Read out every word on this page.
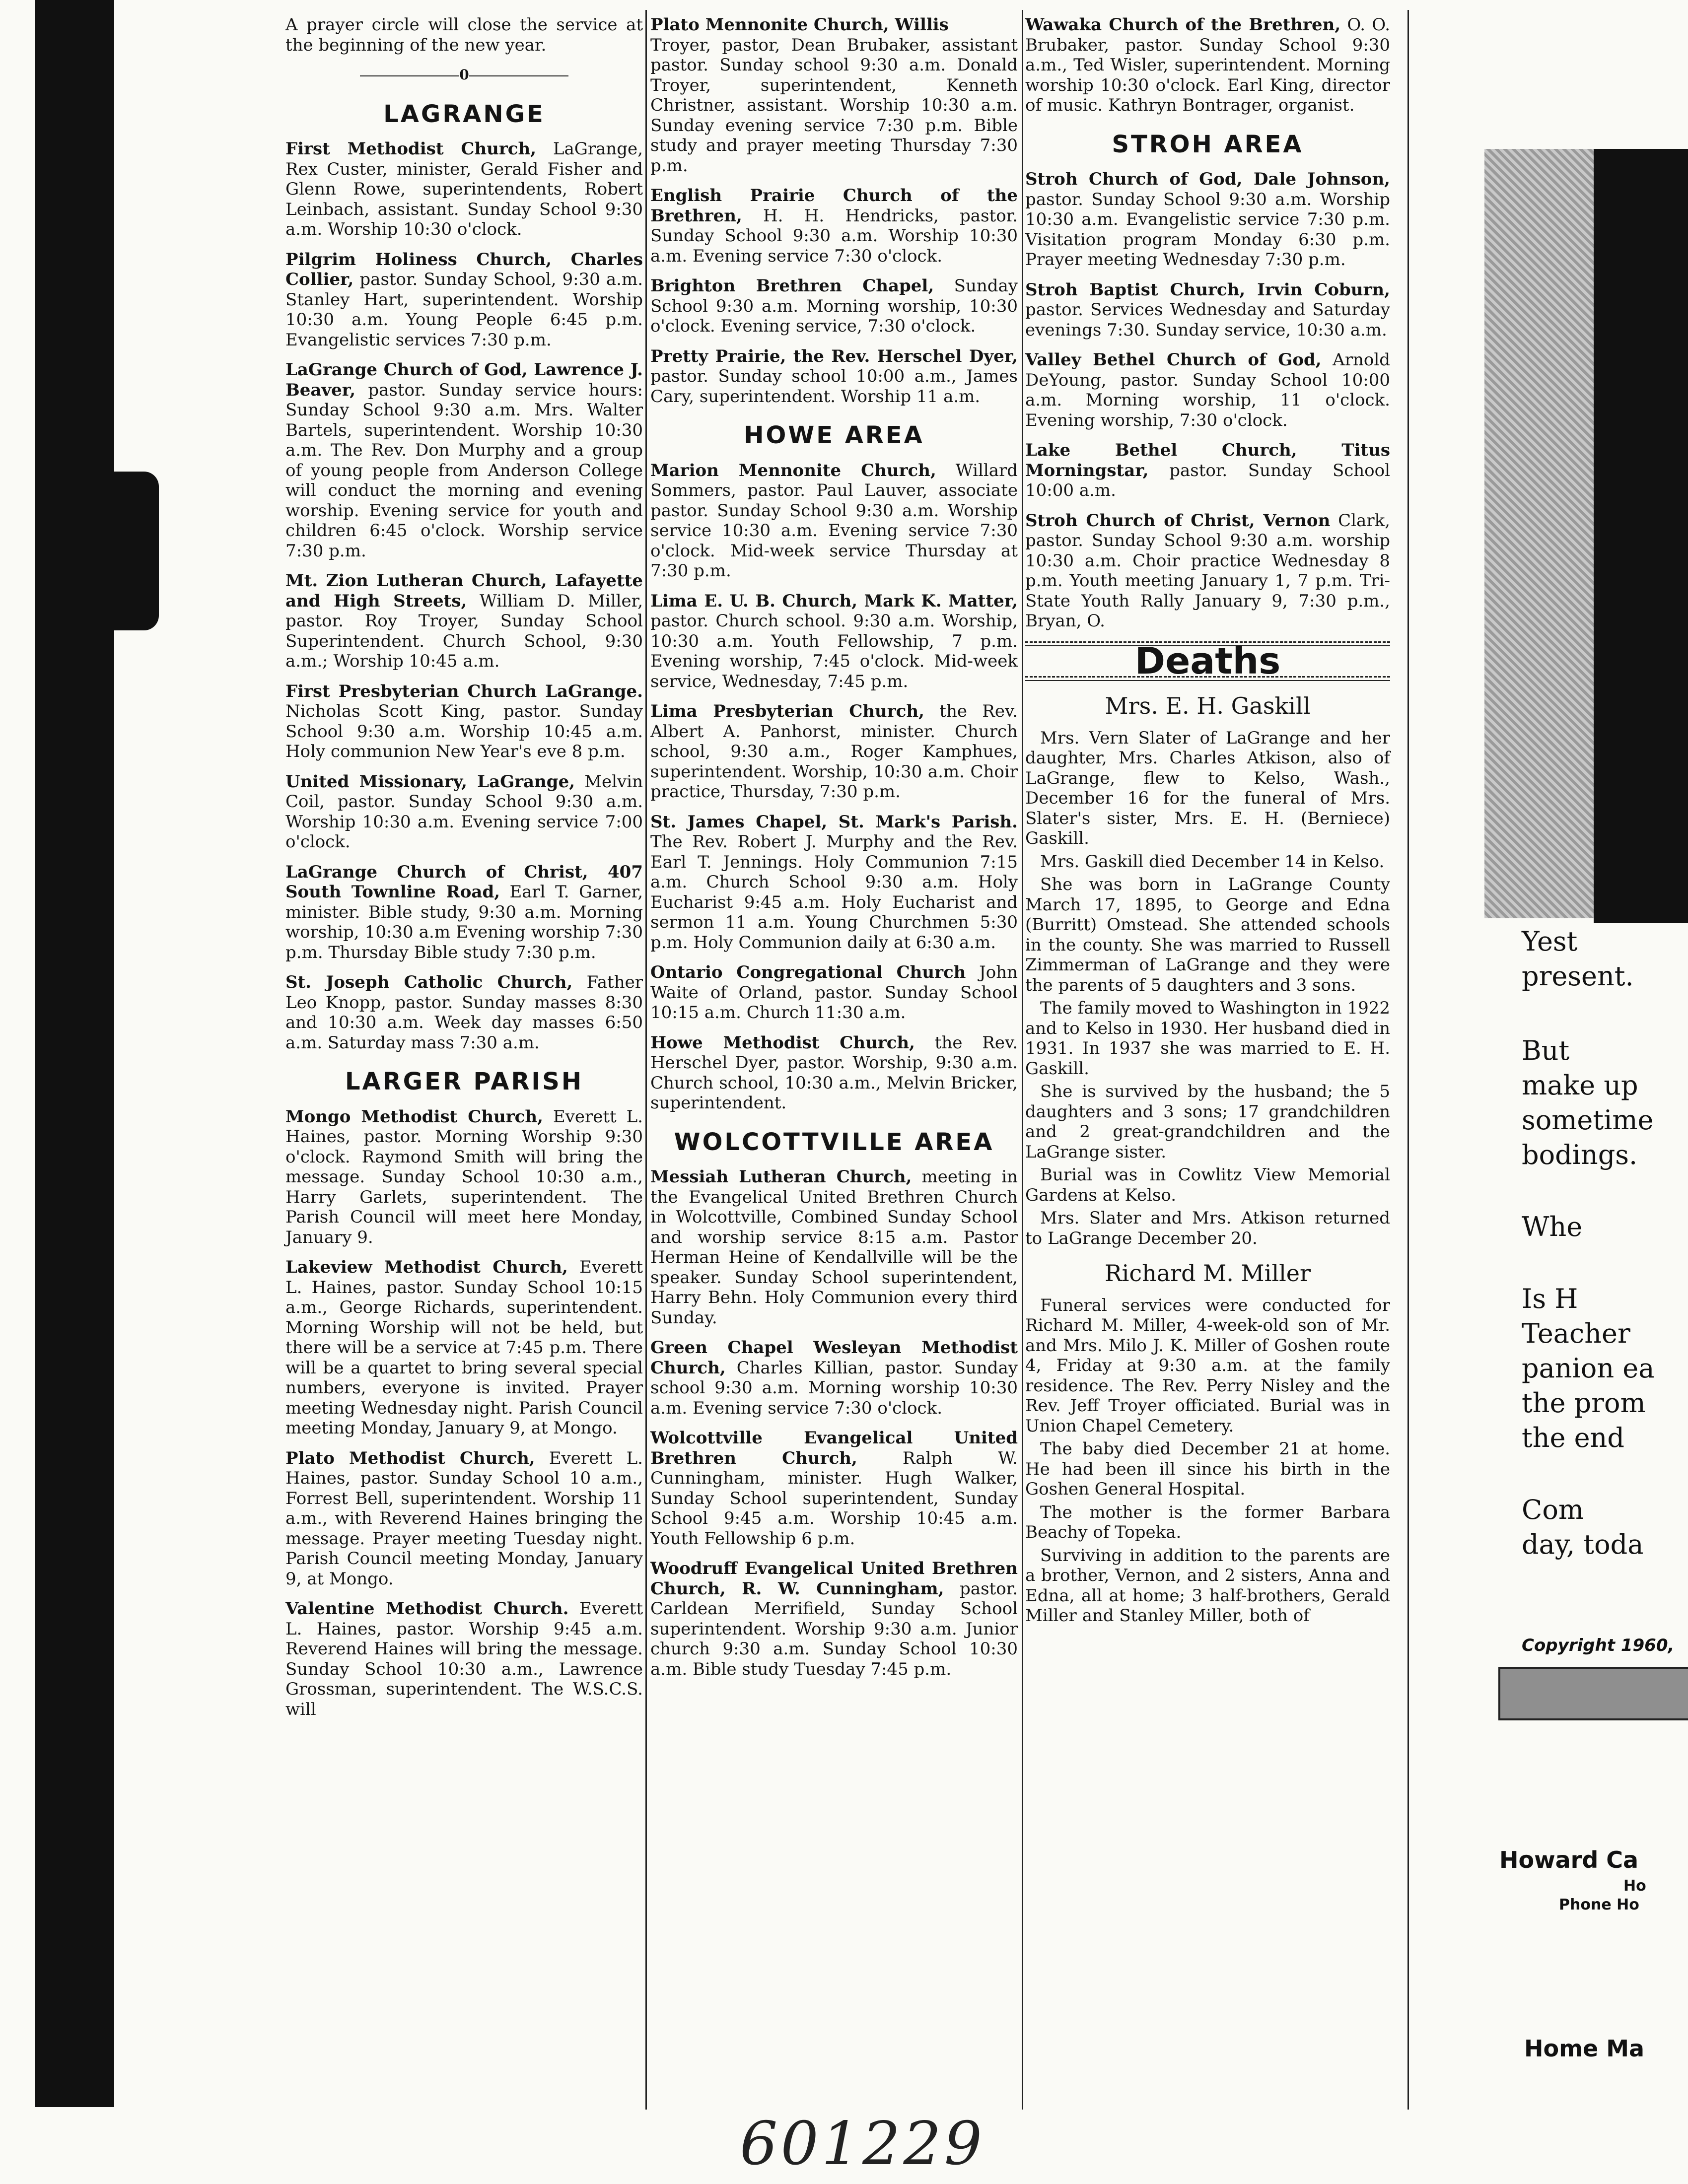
A prayer circle will close the service at the beginning of the new year.

0
LAGRANGE

First Methodist Church, LaGrange, Rex Custer, minister, Gerald Fisher and Glenn Rowe, superintendents, Robert Leinbach, assistant. Sunday School 9:30 a.m. Worship 10:30 o'clock.

Pilgrim Holiness Church, Charles Collier, pastor. Sunday School, 9:30 a.m. Stanley Hart, superintendent. Worship 10:30 a.m. Young People 6:45 p.m. Evangelistic services 7:30 p.m.

LaGrange Church of God, Lawrence J. Beaver, pastor. Sunday service hours: Sunday School 9:30 a.m. Mrs. Walter Bartels, superintendent. Worship 10:30 a.m. The Rev. Don Murphy and a group of young people from Anderson College will conduct the morning and evening worship. Evening service for youth and children 6:45 o'clock. Worship service 7:30 p.m.

Mt. Zion Lutheran Church, Lafayette and High Streets, William D. Miller, pastor. Roy Troyer, Sunday School Superintendent. Church School, 9:30 a.m.; Worship 10:45 a.m.

First Presbyterian Church LaGrange. Nicholas Scott King, pastor. Sunday School 9:30 a.m. Worship 10:45 a.m. Holy communion New Year's eve 8 p.m.

United Missionary, LaGrange, Melvin Coil, pastor. Sunday School 9:30 a.m. Worship 10:30 a.m. Evening service 7:00 o'clock.

LaGrange Church of Christ, 407 South Townline Road, Earl T. Garner, minister. Bible study, 9:30 a.m. Morning worship, 10:30 a.m Evening worship 7:30 p.m. Thursday Bible study 7:30 p.m.

St. Joseph Catholic Church, Father Leo Knopp, pastor. Sunday masses 8:30 and 10:30 a.m. Week day masses 6:50 a.m. Saturday mass 7:30 a.m.

LARGER PARISH

Mongo Methodist Church, Everett L. Haines, pastor. Morning Worship 9:30 o'clock. Raymond Smith will bring the message. Sunday School 10:30 a.m., Harry Garlets, superintendent. The Parish Council will meet here Monday, January 9.

Lakeview Methodist Church, Everett L. Haines, pastor. Sunday School 10:15 a.m., George Richards, superintendent. Morning Worship will not be held, but there will be a service at 7:45 p.m. There will be a quartet to bring several special numbers, everyone is invited. Prayer meeting Wednesday night. Parish Council meeting Monday, January 9, at Mongo.

Plato Methodist Church, Everett L. Haines, pastor. Sunday School 10 a.m., Forrest Bell, superintendent. Worship 11 a.m., with Reverend Haines bringing the message. Prayer meeting Tuesday night. Parish Council meeting Monday, January 9, at Mongo.

Valentine Methodist Church. Everett L. Haines, pastor. Worship 9:45 a.m. Reverend Haines will bring the message. Sunday School 10:30 a.m., Lawrence Grossman, superintendent. The W.S.C.S. will

Plato Mennonite Church, Willis

Troyer, pastor, Dean Brubaker, assistant pastor. Sunday school 9:30 a.m. Donald Troyer, superintendent, Kenneth Christner, assistant. Worship 10:30 a.m. Sunday evening service 7:30 p.m. Bible study and prayer meeting Thursday 7:30 p.m.

English Prairie Church of the Brethren, H. H. Hendricks, pastor. Sunday School 9:30 a.m. Worship 10:30 a.m. Evening service 7:30 o'clock.

Brighton Brethren Chapel, Sunday School 9:30 a.m. Morning worship, 10:30 o'clock. Evening service, 7:30 o'clock.

Pretty Prairie, the Rev. Herschel Dyer, pastor. Sunday school 10:00 a.m., James Cary, superintendent. Worship 11 a.m.

HOWE AREA

Marion Mennonite Church, Willard Sommers, pastor. Paul Lauver, associate pastor. Sunday School 9:30 a.m. Worship service 10:30 a.m. Evening service 7:30 o'clock. Mid-week service Thursday at 7:30 p.m.

Lima E. U. B. Church, Mark K. Matter, pastor. Church school. 9:30 a.m. Worship, 10:30 a.m. Youth Fellowship, 7 p.m. Evening worship, 7:45 o'clock. Mid-week service, Wednesday, 7:45 p.m.

Lima Presbyterian Church, the Rev. Albert A. Panhorst, minister. Church school, 9:30 a.m., Roger Kamphues, superintendent. Worship, 10:30 a.m. Choir practice, Thursday, 7:30 p.m.

St. James Chapel, St. Mark's Parish. The Rev. Robert J. Murphy and the Rev. Earl T. Jennings. Holy Communion 7:15 a.m. Church School 9:30 a.m. Holy Eucharist 9:45 a.m. Holy Eucharist and sermon 11 a.m. Young Churchmen 5:30 p.m. Holy Communion daily at 6:30 a.m.

Ontario Congregational Church John Waite of Orland, pastor. Sunday School 10:15 a.m. Church 11:30 a.m.

Howe Methodist Church, the Rev. Herschel Dyer, pastor. Worship, 9:30 a.m. Church school, 10:30 a.m., Melvin Bricker, superintendent.

WOLCOTTVILLE AREA

Messiah Lutheran Church, meeting in the Evangelical United Brethren Church in Wolcottville, Combined Sunday School and worship service 8:15 a.m. Pastor Herman Heine of Kendallville will be the speaker. Sunday School superintendent, Harry Behn. Holy Communion every third Sunday.

Green Chapel Wesleyan Methodist Church, Charles Killian, pastor. Sunday school 9:30 a.m. Morning worship 10:30 a.m. Evening service 7:30 o'clock.

Wolcottville Evangelical United Brethren Church, Ralph W. Cunningham, minister. Hugh Walker, Sunday School superintendent, Sunday School 9:45 a.m. Worship 10:45 a.m. Youth Fellowship 6 p.m.

Woodruff Evangelical United Brethren Church, R. W. Cunningham, pastor. Carldean Merrifield, Sunday School superintendent. Worship 9:30 a.m. Junior church 9:30 a.m. Sunday School 10:30 a.m. Bible study Tuesday 7:45 p.m.

Wawaka Church of the Brethren, O. O. Brubaker, pastor. Sunday School 9:30 a.m., Ted Wisler, superintendent. Morning worship 10:30 o'clock. Earl King, director of music. Kathryn Bontrager, organist.

STROH AREA

Stroh Church of God, Dale Johnson, pastor. Sunday School 9:30 a.m. Worship 10:30 a.m. Evangelistic service 7:30 p.m. Visitation program Monday 6:30 p.m. Prayer meeting Wednesday 7:30 p.m.

Stroh Baptist Church, Irvin Coburn, pastor. Services Wednesday and Saturday evenings 7:30. Sunday service, 10:30 a.m.

Valley Bethel Church of God, Arnold DeYoung, pastor. Sunday School 10:00 a.m. Morning worship, 11 o'clock. Evening worship, 7:30 o'clock.

Lake Bethel Church, Titus Morningstar, pastor. Sunday School 10:00 a.m.

Stroh Church of Christ, Vernon Clark, pastor. Sunday School 9:30 a.m. worship 10:30 a.m. Choir practice Wednesday 8 p.m. Youth meeting January 1, 7 p.m. Tri-State Youth Rally January 9, 7:30 p.m., Bryan, O.

Deaths
Mrs. E. H. Gaskill

Mrs. Vern Slater of LaGrange and her daughter, Mrs. Charles Atkison, also of LaGrange, flew to Kelso, Wash., December 16 for the funeral of Mrs. Slater's sister, Mrs. E. H. (Berniece) Gaskill.

Mrs. Gaskill died December 14 in Kelso.

She was born in LaGrange County March 17, 1895, to George and Edna (Burritt) Omstead. She attended schools in the county. She was married to Russell Zimmerman of LaGrange and they were the parents of 5 daughters and 3 sons.

The family moved to Washington in 1922 and to Kelso in 1930. Her husband died in 1931. In 1937 she was married to E. H. Gaskill.

She is survived by the husband; the 5 daughters and 3 sons; 17 grandchildren and 2 great-grandchildren and the LaGrange sister.

Burial was in Cowlitz View Memorial Gardens at Kelso.

Mrs. Slater and Mrs. Atkison returned to LaGrange December 20.

Richard M. Miller

Funeral services were conducted for Richard M. Miller, 4-week-old son of Mr. and Mrs. Milo J. K. Miller of Goshen route 4, Friday at 9:30 a.m. at the family residence. The Rev. Perry Nisley and the Rev. Jeff Troyer officiated. Burial was in Union Chapel Cemetery.

The baby died December 21 at home. He had been ill since his birth in the Goshen General Hospital.

The mother is the former Barbara Beachy of Topeka.

Surviving in addition to the parents are a brother, Vernon, and 2 sisters, Anna and Edna, all at home; 3 half-brothers, Gerald Miller and Stanley Miller, both of

Yest
present.
But
make up
sometime
bodings.
Whe
Is H
Teacher
panion ea
the prom
the end
Com
day, toda
Copyright 1960,
Howard Ca
Ho
Phone Ho
Home Ma
601229
